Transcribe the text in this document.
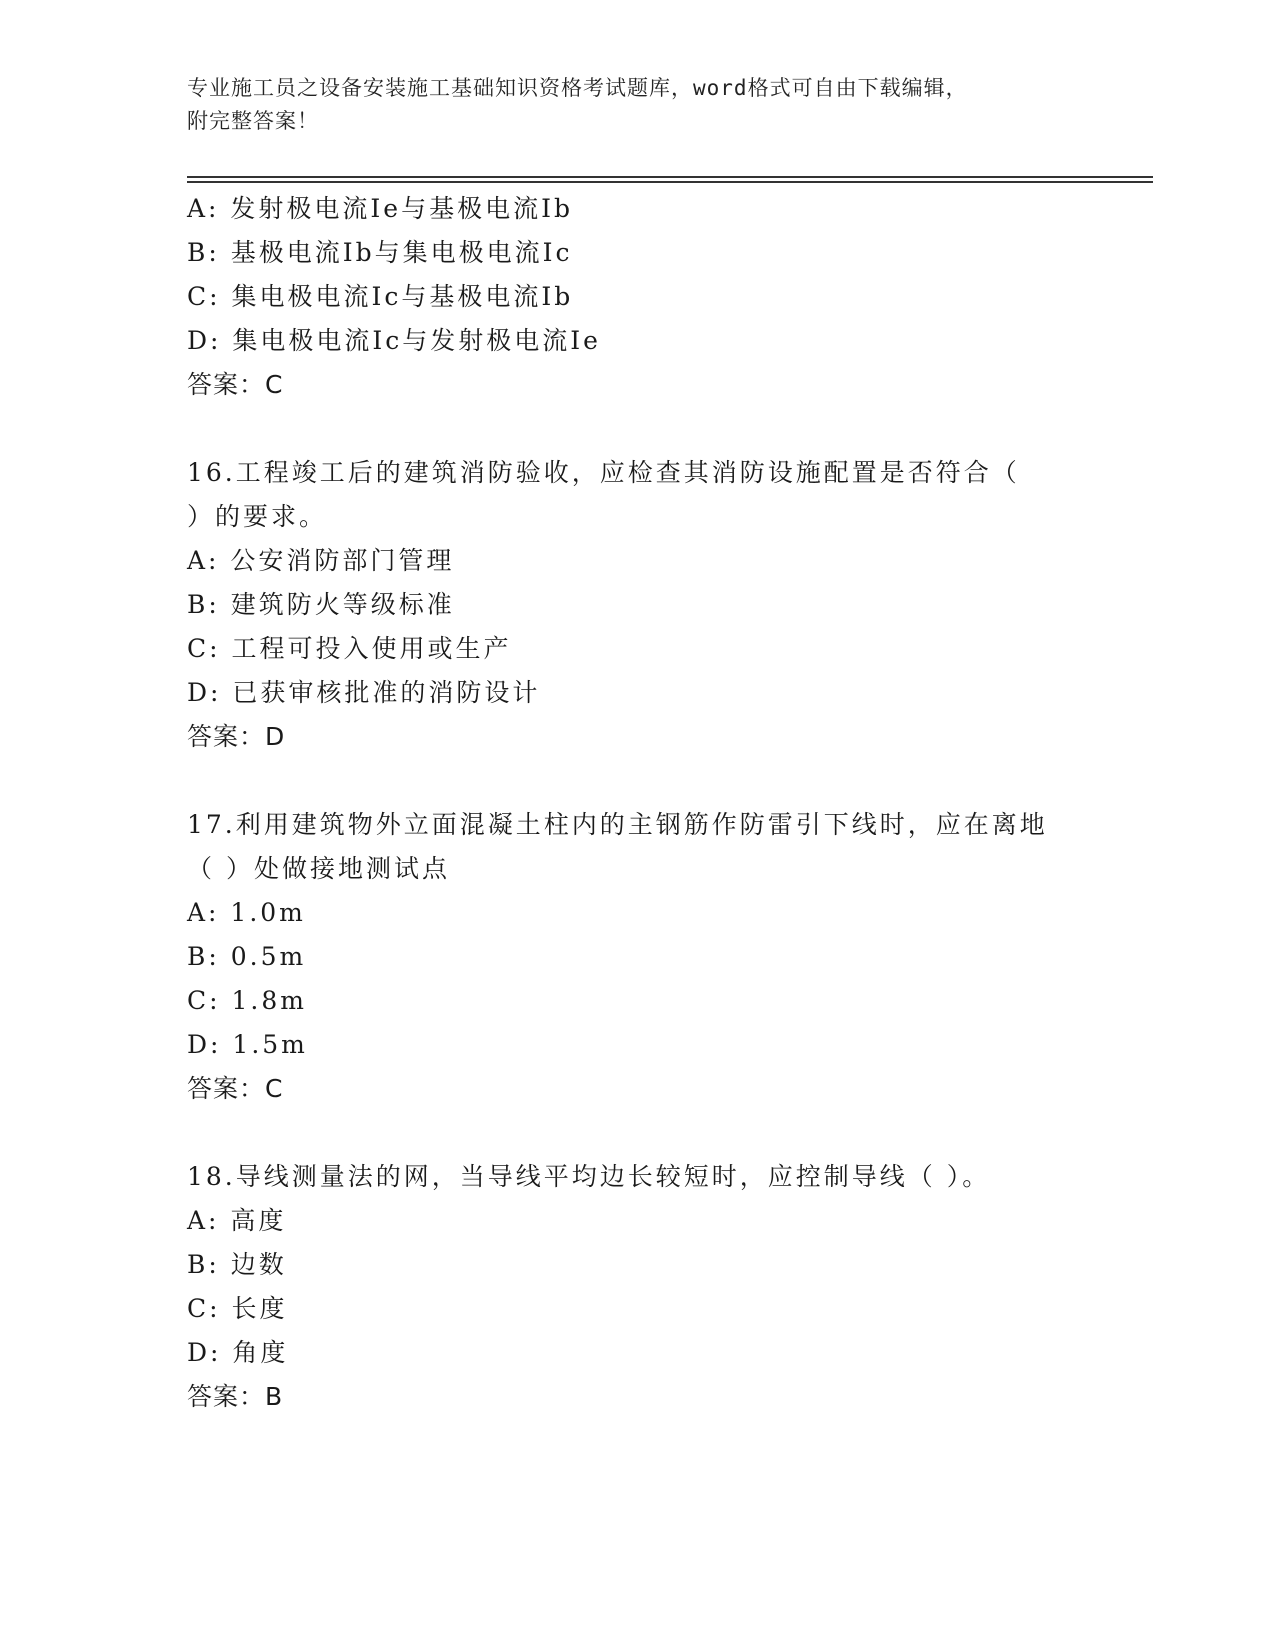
专业施工员之设备安装施工基础知识资格考试题库，word格式可自由下载编辑，
附完整答案！
A: 发射极电流Ie与基极电流Ib
B: 基极电流Ib与集电极电流Ic
C: 集电极电流Ic与基极电流Ib
D: 集电极电流Ic与发射极电流Ie
答案：C
16.工程竣工后的建筑消防验收，应检查其消防设施配置是否符合（
）的要求。
A: 公安消防部门管理
B: 建筑防火等级标准
C: 工程可投入使用或生产
D: 已获审核批准的消防设计
答案：D
17.利用建筑物外立面混凝土柱内的主钢筋作防雷引下线时，应在离地
（ ）处做接地测试点
A: 1.0m
B: 0.5m
C: 1.8m
D: 1.5m
答案：C
18.导线测量法的网，当导线平均边长较短时，应控制导线（ ）。
A: 高度
B: 边数
C: 长度
D: 角度
答案：B
